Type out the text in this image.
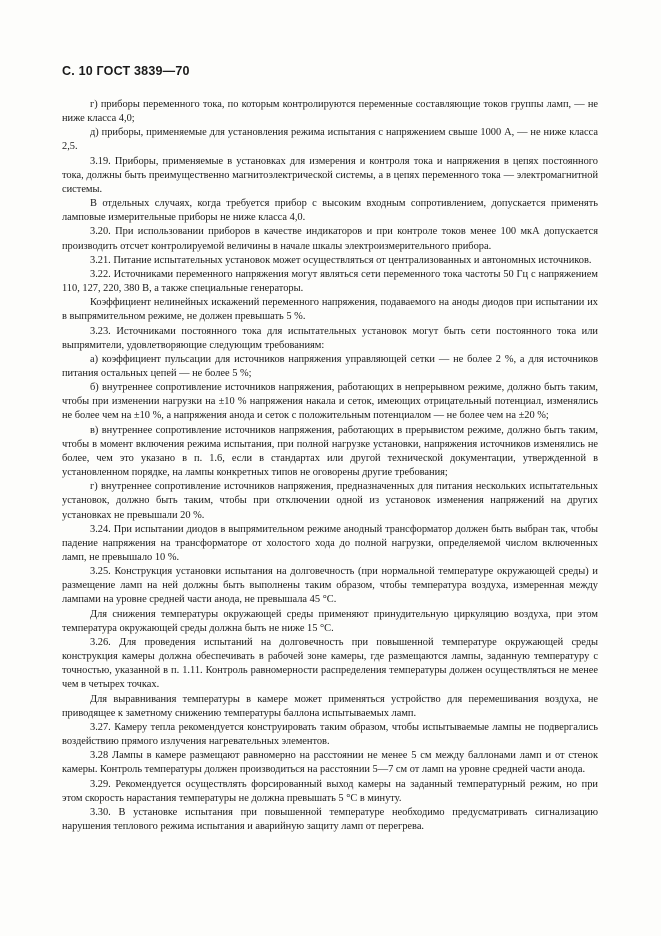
С. 10 ГОСТ 3839—70

г) приборы переменного тока, по которым контролируются переменные составляющие токов группы ламп, — не ниже класса 4,0;

д) приборы, применяемые для установления режима испытания с напряжением свыше 1000 А, — не ниже класса 2,5.

3.19. Приборы, применяемые в установках для измерения и контроля тока и напряжения в цепях постоянного тока, должны быть преимущественно магнитоэлектрической системы, а в цепях переменного тока — электромагнитной системы.

В отдельных случаях, когда требуется прибор с высоким входным сопротивлением, допускается применять ламповые измерительные приборы не ниже класса 4,0.

3.20. При использовании приборов в качестве индикаторов и при контроле токов менее 100 мкА допускается производить отсчет контролируемой величины в начале шкалы электроизмерительного прибора.

3.21. Питание испытательных установок может осуществляться от централизованных и автономных источников.

3.22. Источниками переменного напряжения могут являться сети переменного тока частоты 50 Гц с напряжением 110, 127, 220, 380 В, а также специальные генераторы.

Коэффициент нелинейных искажений переменного напряжения, подаваемого на аноды диодов при испытании их в выпрямительном режиме, не должен превышать 5 %.

3.23. Источниками постоянного тока для испытательных установок могут быть сети постоянного тока или выпрямители, удовлетворяющие следующим требованиям:

а) коэффициент пульсации для источников напряжения управляющей сетки — не более 2 %, а для источников питания остальных цепей — не более 5 %;

б) внутреннее сопротивление источников напряжения, работающих в непрерывном режиме, должно быть таким, чтобы при изменении нагрузки на ±10 % напряжения накала и сеток, имеющих отрицательный потенциал, изменялись не более чем на ±10 %, а напряжения анода и сеток с положительным потенциалом — не более чем на ±20 %;

в) внутреннее сопротивление источников напряжения, работающих в прерывистом режиме, должно быть таким, чтобы в момент включения режима испытания, при полной нагрузке установки, напряжения источников изменялись не более, чем это указано в п. 1.6, если в стандартах или другой технической документации, утвержденной в установленном порядке, на лампы конкретных типов не оговорены другие требования;

г) внутреннее сопротивление источников напряжения, предназначенных для питания нескольких испытательных установок, должно быть таким, чтобы при отключении одной из установок изменения напряжений на других установках не превышали 20 %.

3.24. При испытании диодов в выпрямительном режиме анодный трансформатор должен быть выбран так, чтобы падение напряжения на трансформаторе от холостого хода до полной нагрузки, определяемой числом включенных ламп, не превышало 10 %.

3.25. Конструкция установки испытания на долговечность (при нормальной температуре окружающей среды) и размещение ламп на ней должны быть выполнены таким образом, чтобы температура воздуха, измеренная между лампами на уровне средней части анода, не превышала 45 °С.

Для снижения температуры окружающей среды применяют принудительную циркуляцию воздуха, при этом температура окружающей среды должна быть не ниже 15 °С.

3.26. Для проведения испытаний на долговечность при повышенной температуре окружающей среды конструкция камеры должна обеспечивать в рабочей зоне камеры, где размещаются лампы, заданную температуру с точностью, указанной в п. 1.11. Контроль равномерности распределения температуры должен осуществляться не менее чем в четырех точках.

Для выравнивания температуры в камере может применяться устройство для перемешивания воздуха, не приводящее к заметному снижению температуры баллона испытываемых ламп.

3.27. Камеру тепла рекомендуется конструировать таким образом, чтобы испытываемые лампы не подвергались воздействию прямого излучения нагревательных элементов.

3.28 Лампы в камере размещают равномерно на расстоянии не менее 5 см между баллонами ламп и от стенок камеры. Контроль температуры должен производиться на расстоянии 5—7 см от ламп на уровне средней части анода.

3.29. Рекомендуется осуществлять форсированный выход камеры на заданный температурный режим, но при этом скорость нарастания температуры не должна превышать 5 °С в минуту.

3.30. В установке испытания при повышенной температуре необходимо предусматривать сигнализацию нарушения теплового режима испытания и аварийную защиту ламп от перегрева.
